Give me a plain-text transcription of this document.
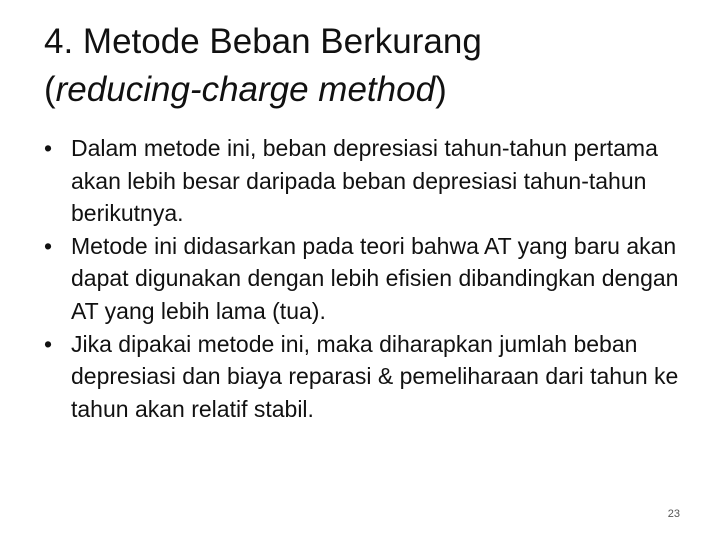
4. Metode Beban Berkurang
(reducing-charge method)
• Dalam metode ini, beban depresiasi tahun-tahun pertama akan lebih besar daripada beban depresiasi tahun-tahun berikutnya.
• Metode ini didasarkan pada teori bahwa AT yang baru akan dapat digunakan dengan lebih efisien dibandingkan dengan AT yang lebih lama (tua).
• Jika dipakai metode ini, maka diharapkan jumlah beban depresiasi dan biaya reparasi & pemeliharaan dari tahun ke tahun akan relatif stabil.
23
